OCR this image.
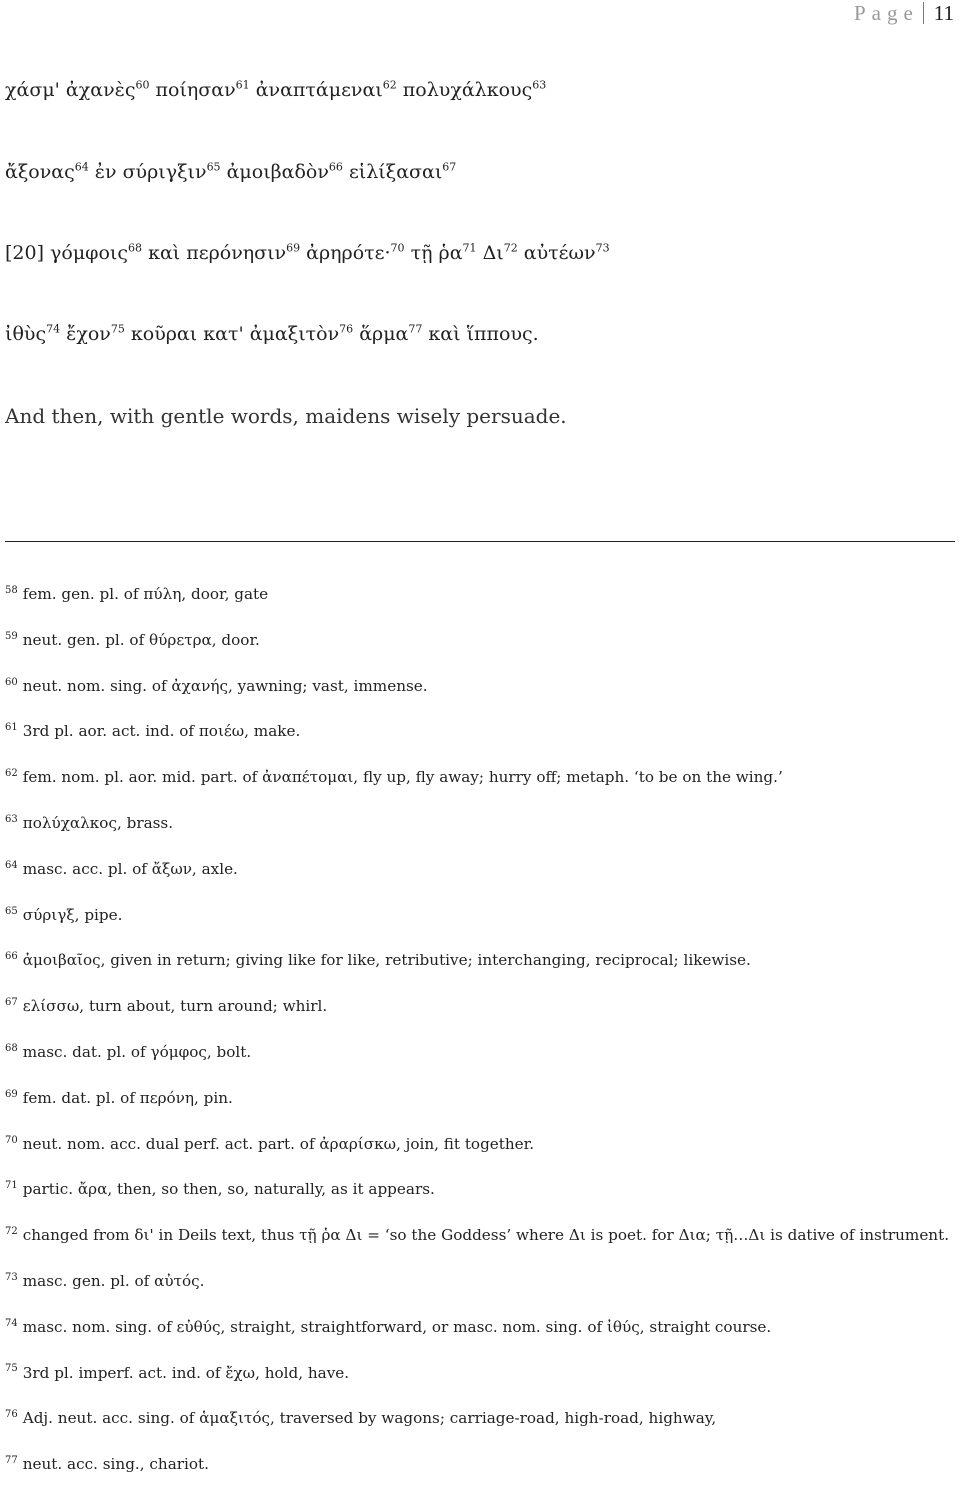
Page 11
χάσμ' ἀχανὲς$^{60}$ ποίησαν$^{61}$ ἀναπτάμεναι$^{62}$ πολυχάλκους$^{63}$
ἄξονας$^{64}$ ἐν σύριγξιν$^{65}$ ἀμοιβαδὸν$^{66}$ εἱλίξασαι$^{67}$
[20] γόμφοις$^{68}$ καὶ περόνησιν$^{69}$ ἀρηρότε·$^{70}$ τῇ ῥα$^{71}$ $\Delta\iota^{72}$ αὐτέων$^{73}$
ἰθὺς$^{74}$ ἔχον$^{75}$ κοῦραι κατ' ἀμαξιτὸν$^{76}$ ἅρμα$^{77}$ καὶ ἵππους.
And then, with gentle words, maidens wisely persuade.
$^{58}$ fem. gen. pl. of πύλη, door, gate
$^{59}$ neut. gen. pl. of θύρετρα, door.
$^{60}$ neut. nom. sing. of ἀχανής, yawning; vast, immense.
$^{61}$ 3rd pl. aor. act. ind. of ποιέω, make.
$^{62}$ fem. nom. pl. aor. mid. part. of ἀναπέτομαι, fly up, fly away; hurry off; metaph. ‘to be on the wing.’
$^{63}$ πολύχαλκος, brass.
$^{64}$ masc. acc. pl. of ἄξων, axle.
$^{65}$ σύριγξ, pipe.
$^{66}$ ἀμοιβαῖος, given in return; giving like for like, retributive; interchanging, reciprocal; likewise.
$^{67}$ ελίσσω, turn about, turn around; whirl.
$^{68}$ masc. dat. pl. of γόμφος, bolt.
$^{69}$ fem. dat. pl. of περόνη, pin.
$^{70}$ neut. nom. acc. dual perf. act. part. of ἀραρίσκω, join, fit together.
$^{71}$ partic. ἄρα, then, so then, so, naturally, as it appears.
$^{72}$ changed from δι' in Deils text, thus τῇ ῥα Δι = ‘so the Goddess’ where Δι is poet. for Δια; τῇ…Δι is dative of instrument.
$^{73}$ masc. gen. pl. of αὐτός.
$^{74}$ masc. nom. sing. of εὐθύς, straight, straightforward, or masc. nom. sing. of ἰθύς, straight course.
$^{75}$ 3rd pl. imperf. act. ind. of ἔχω, hold, have.
$^{76}$ Adj. neut. acc. sing. of ἁμαξιτός, traversed by wagons; carriage-road, high-road, highway,
$^{77}$ neut. acc. sing., chariot.
